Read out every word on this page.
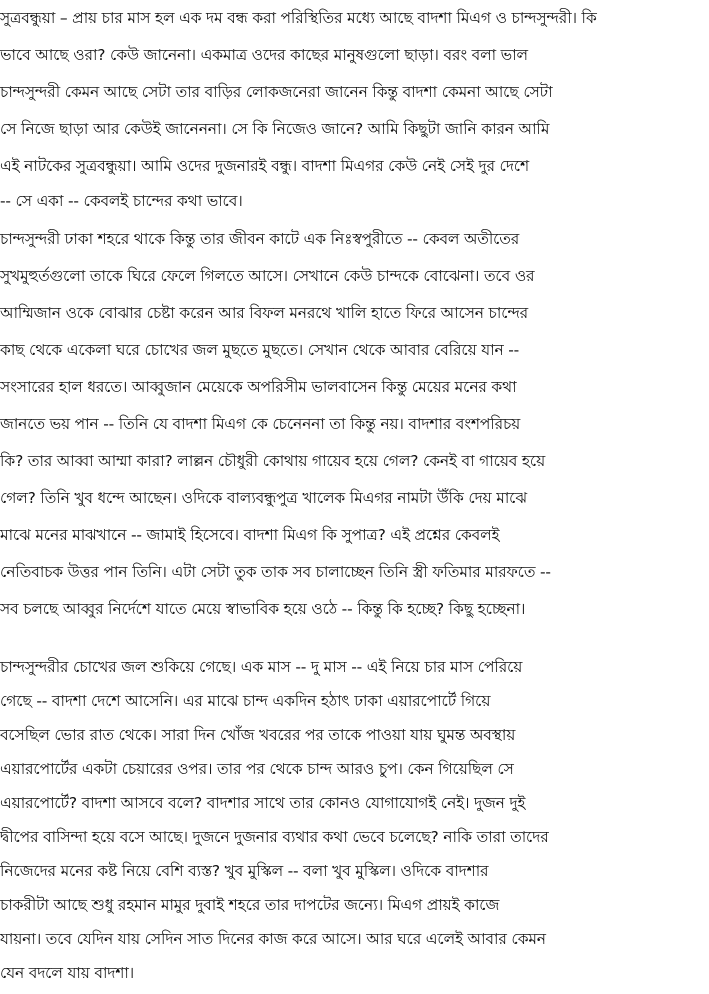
সুত্রবন্ধুয়া – প্রায় চার মাস হল এক দম বন্ধ করা পরিস্থিতির মধ্যে আছে বাদশা মিএগ ও চান্দসুন্দরী। কি
ভাবে আছে ওরা? কেউ জানেনা। একমাত্র ওদের কাছের মানুষগুলো ছাড়া। বরং বলা ভাল
চান্দসুন্দরী কেমন আছে সেটা তার বাড়ির লোকজনেরা জানেন কিন্তু বাদশা কেমনা আছে সেটা
সে নিজে ছাড়া আর কেউই জানেননা। সে কি নিজেও জানে? আমি কিছুটা জানি কারন আমি
এই নাটকের সুত্রবন্ধুয়া। আমি ওদের দুজনারই বন্ধু। বাদশা মিএগর কেউ নেই সেই দুর দেশে
-- সে একা -- কেবলই চান্দের কথা ভাবে।
চান্দসুন্দরী ঢাকা শহরে থাকে কিন্তু তার জীবন কাটে এক নিঃস্বপুরীতে -- কেবল অতীতের
সুখমুহুর্তগুলো তাকে ঘিরে ফেলে গিলতে আসে। সেখানে কেউ চান্দকে বোঝেনা। তবে ওর
আম্মিজান ওকে বোঝার চেষ্টা করেন আর বিফল মনরথে খালি হাতে ফিরে আসেন চান্দের
কাছ থেকে একেলা ঘরে চোখের জল মুছতে মুছতে। সেখান থেকে আবার বেরিয়ে যান --
সংসারের হাল ধরতে। আব্বুজান মেয়েকে অপরিসীম ভালবাসেন কিন্তু মেয়ের মনের কথা
জানতে ভয় পান -- তিনি যে বাদশা মিএগ কে চেনেননা তা কিন্তু নয়। বাদশার বংশপরিচয়
কি? তার আব্বা আম্মা কারা? লাল্লন চৌধুরী কোথায় গায়েব হয়ে গেল? কেনই বা গায়েব হয়ে
গেল? তিনি খুব ধন্দে আছেন। ওদিকে বাল্যবন্ধুপুত্র খালেক মিএগর নামটা উঁকি দেয় মাঝে
মাঝে মনের মাঝখানে -- জামাই হিসেবে। বাদশা মিএগ কি সুপাত্র? এই প্রশ্নের কেবলই
নেতিবাচক উত্তর পান তিনি। এটা সেটা তুক তাক সব চালাচ্ছেন তিনি স্ত্রী ফতিমার মারফতে --
সব চলছে আব্বুর নির্দেশে যাতে মেয়ে স্বাভাবিক হয়ে ওঠে -- কিন্তু কি হচ্ছে? কিছু হচ্ছেনা।
চান্দসুন্দরীর চোখের জল শুকিয়ে গেছে। এক মাস -- দু মাস -- এই নিয়ে চার মাস পেরিয়ে
গেছে -- বাদশা দেশে আসেনি। এর মাঝে চান্দ একদিন হঠাৎ ঢাকা এয়ারপোর্টে গিয়ে
বসেছিল ভোর রাত থেকে। সারা দিন খোঁজ খবরের পর তাকে পাওয়া যায় ঘুমন্ত অবস্থায়
এয়ারপোর্টের একটা চেয়ারের ওপর। তার পর থেকে চান্দ আরও চুপ। কেন গিয়েছিল সে
এয়ারপোর্টে? বাদশা আসবে বলে? বাদশার সাথে তার কোনও যোগাযোগই নেই। দুজন দুই
দ্বীপের বাসিন্দা হয়ে বসে আছে। দুজনে দুজনার ব্যথার কথা ভেবে চলেছে? নাকি তারা তাদের
নিজেদের মনের কষ্ট নিয়ে বেশি ব্যস্ত? খুব মুস্কিল -- বলা খুব মুস্কিল। ওদিকে বাদশার
চাকরীটা আছে শুধু রহমান মামুর দুবাই শহরে তার দাপটের জন্যে। মিএগ প্রায়ই কাজে
যায়না। তবে যেদিন যায় সেদিন সাত দিনের কাজ করে আসে। আর ঘরে এলেই আবার কেমন
যেন বদলে যায় বাদশা।
